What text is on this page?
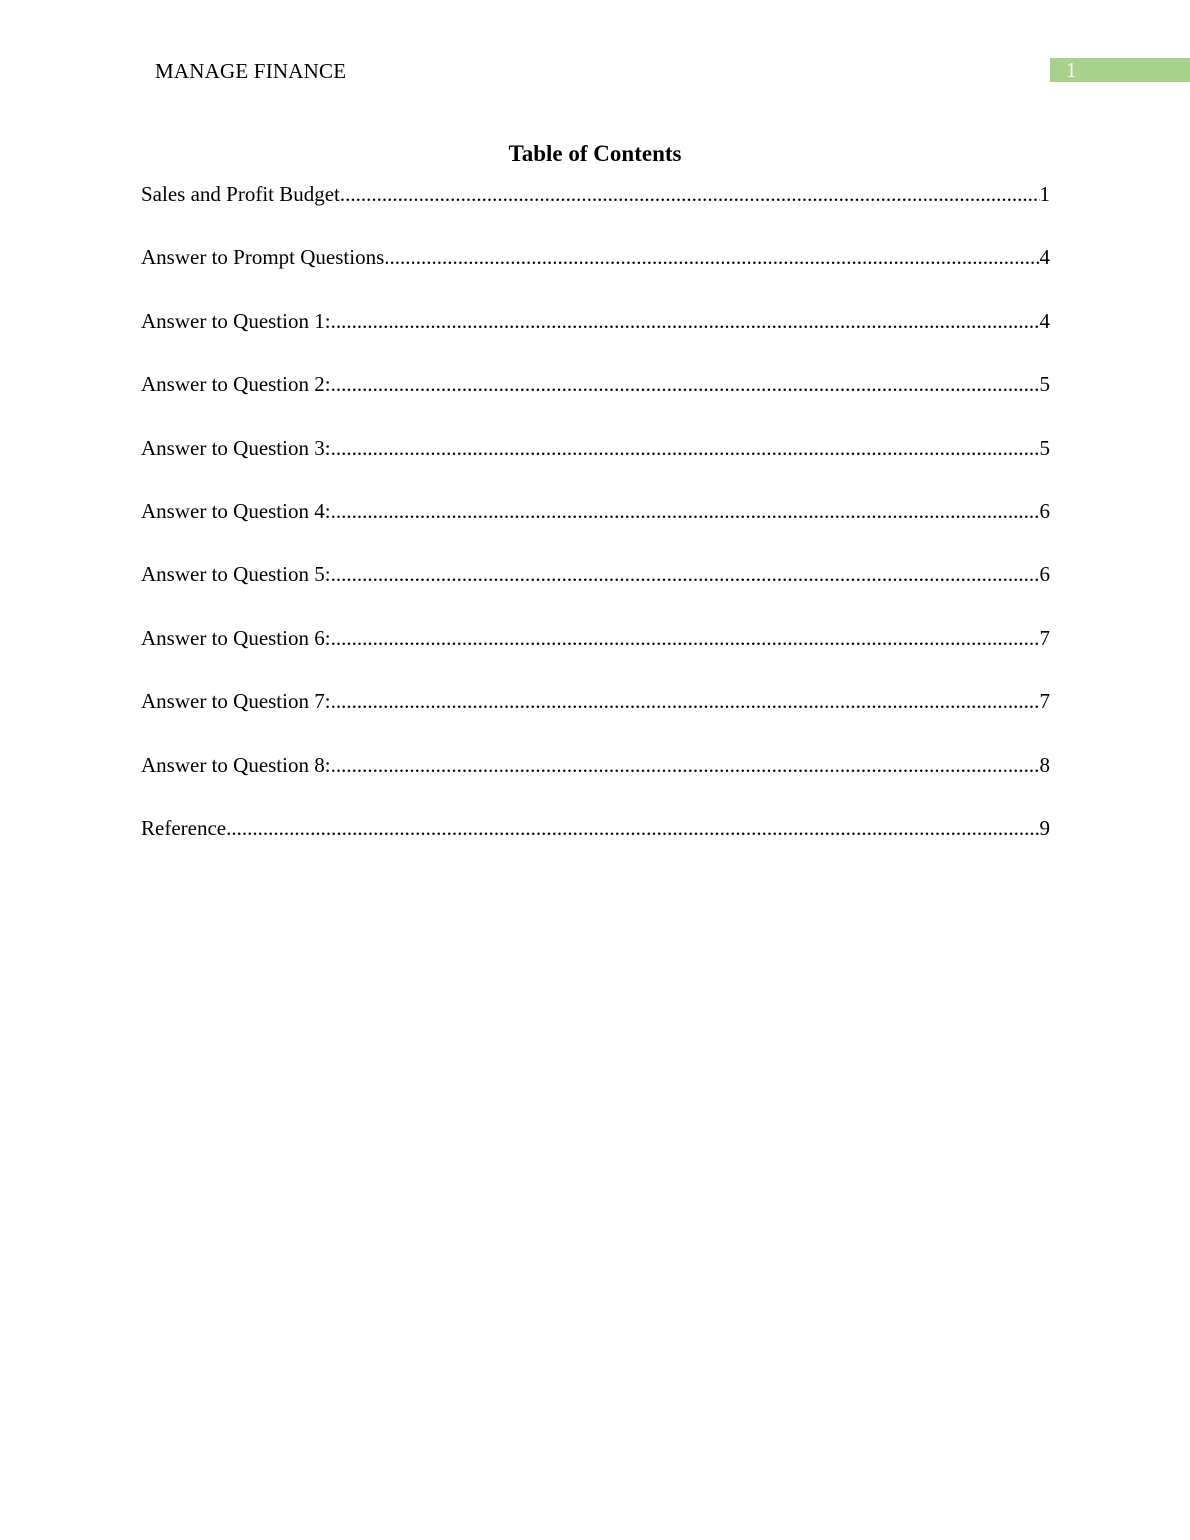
MANAGE FINANCE	1
Table of Contents
Sales and Profit Budget .....	1
Answer to Prompt Questions .....	4
Answer to Question 1: .....	4
Answer to Question 2: .....	5
Answer to Question 3: .....	5
Answer to Question 4: .....	6
Answer to Question 5: .....	6
Answer to Question 6: .....	7
Answer to Question 7: .....	7
Answer to Question 8: .....	8
Reference .....	9
